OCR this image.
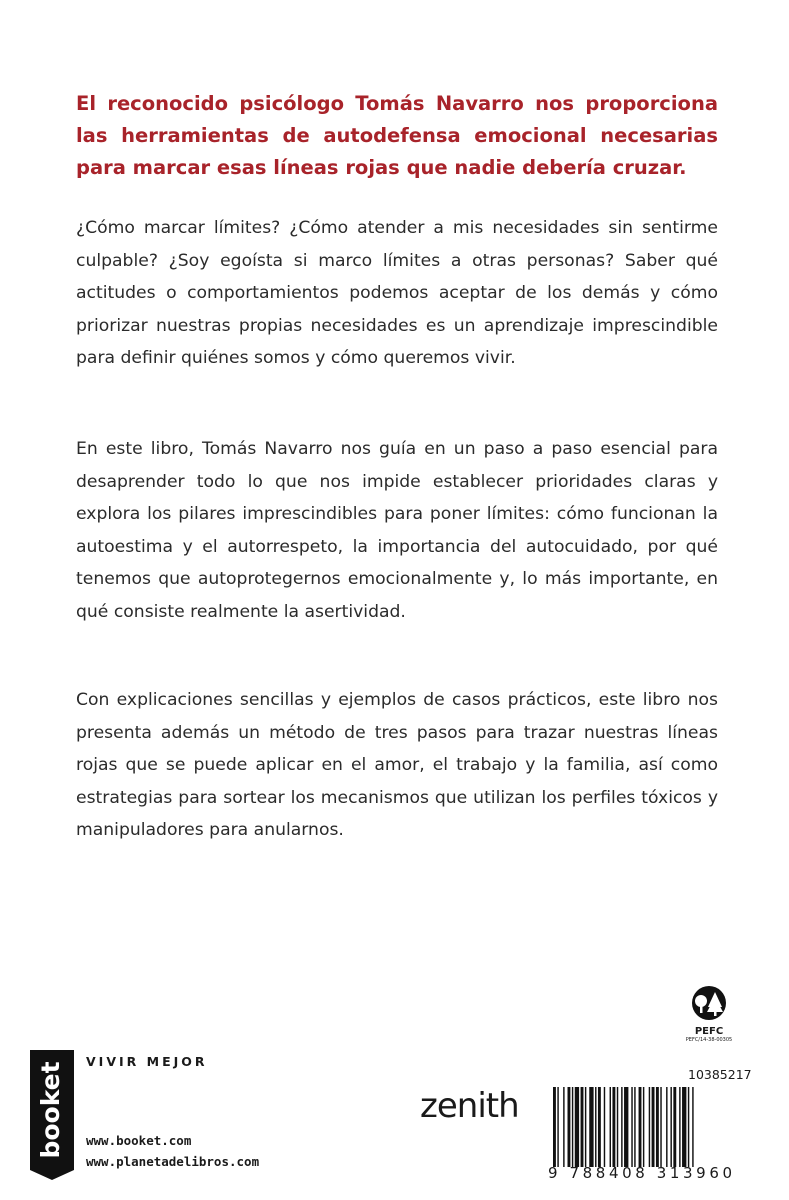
El reconocido psicólogo Tomás Navarro nos proporciona las herramientas de autodefensa emocional necesarias para marcar esas líneas rojas que nadie debería cruzar.

¿Cómo marcar límites? ¿Cómo atender a mis necesidades sin sentirme culpable? ¿Soy egoísta si marco límites a otras personas? Saber qué actitudes o comportamientos podemos aceptar de los demás y cómo priorizar nuestras propias necesidades es un aprendizaje imprescindible para definir quiénes somos y cómo queremos vivir.

En este libro, Tomás Navarro nos guía en un paso a paso esencial para desaprender todo lo que nos impide establecer prioridades claras y explora los pilares imprescindibles para poner límites: cómo funcionan la autoestima y el autorrespeto, la importancia del autocuidado, por qué tenemos que autoprotegernos emocionalmente y, lo más importante, en qué consiste realmente la asertividad.

Con explicaciones sencillas y ejemplos de casos prácticos, este libro nos presenta además un método de tres pasos para trazar nuestras líneas rojas que se puede aplicar en el amor, el trabajo y la familia, así como estrategias para sortear los mecanismos que utilizan los perfiles tóxicos y manipuladores para anularnos.

booket VIVIR MEJOR
www.booket.com
www.planetadelibros.com
zenith
PEFC
PEFC/14-38-00305
10385217
9 788408 313960
